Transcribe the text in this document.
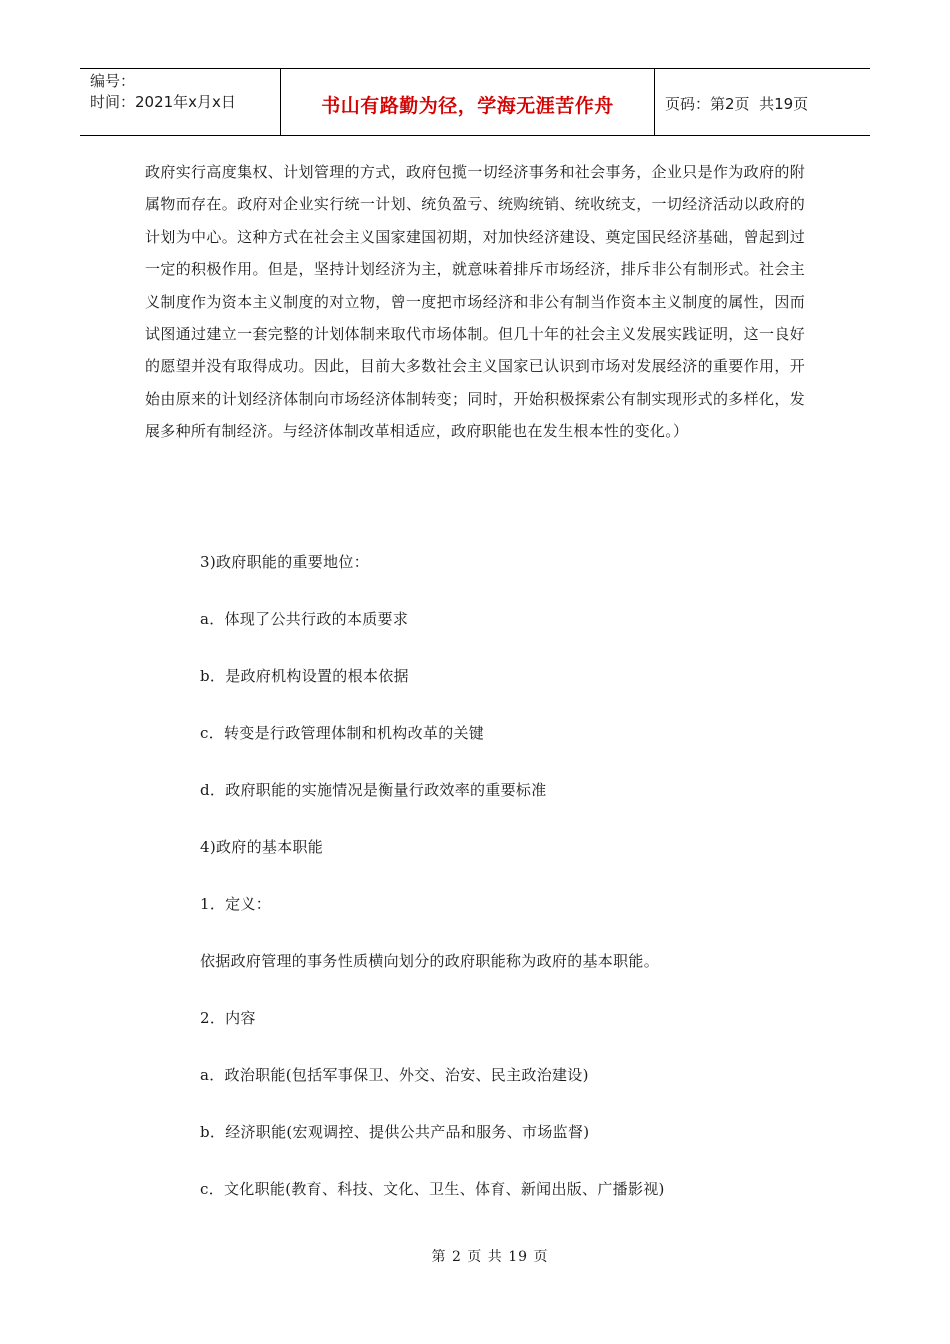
编号：
时间：2021年x月x日	书山有路勤为径，学海无涯苦作舟	页码：第2页  共19页

政府实行高度集权、计划管理的方式，政府包揽一切经济事务和社会事务，企业只是作为政府的附属物而存在。政府对企业实行统一计划、统负盈亏、统购统销、统收统支，一切经济活动以政府的计划为中心。这种方式在社会主义国家建国初期，对加快经济建设、奠定国民经济基础，曾起到过一定的积极作用。但是，坚持计划经济为主，就意味着排斥市场经济，排斥非公有制形式。社会主义制度作为资本主义制度的对立物，曾一度把市场经济和非公有制当作资本主义制度的属性，因而试图通过建立一套完整的计划体制来取代市场体制。但几十年的社会主义发展实践证明，这一良好的愿望并没有取得成功。因此，目前大多数社会主义国家已认识到市场对发展经济的重要作用，开始由原来的计划经济体制向市场经济体制转变；同时，开始积极探索公有制实现形式的多样化，发展多种所有制经济。与经济体制改革相适应，政府职能也在发生根本性的变化。）

3)政府职能的重要地位：
a．体现了公共行政的本质要求
b．是政府机构设置的根本依据
c．转变是行政管理体制和机构改革的关键
d．政府职能的实施情况是衡量行政效率的重要标准
4)政府的基本职能
1．定义：
依据政府管理的事务性质横向划分的政府职能称为政府的基本职能。
2．内容
a．政治职能(包括军事保卫、外交、治安、民主政治建设)
b．经济职能(宏观调控、提供公共产品和服务、市场监督)
c．文化职能(教育、科技、文化、卫生、体育、新闻出版、广播影视)
第 2 页 共 19 页
